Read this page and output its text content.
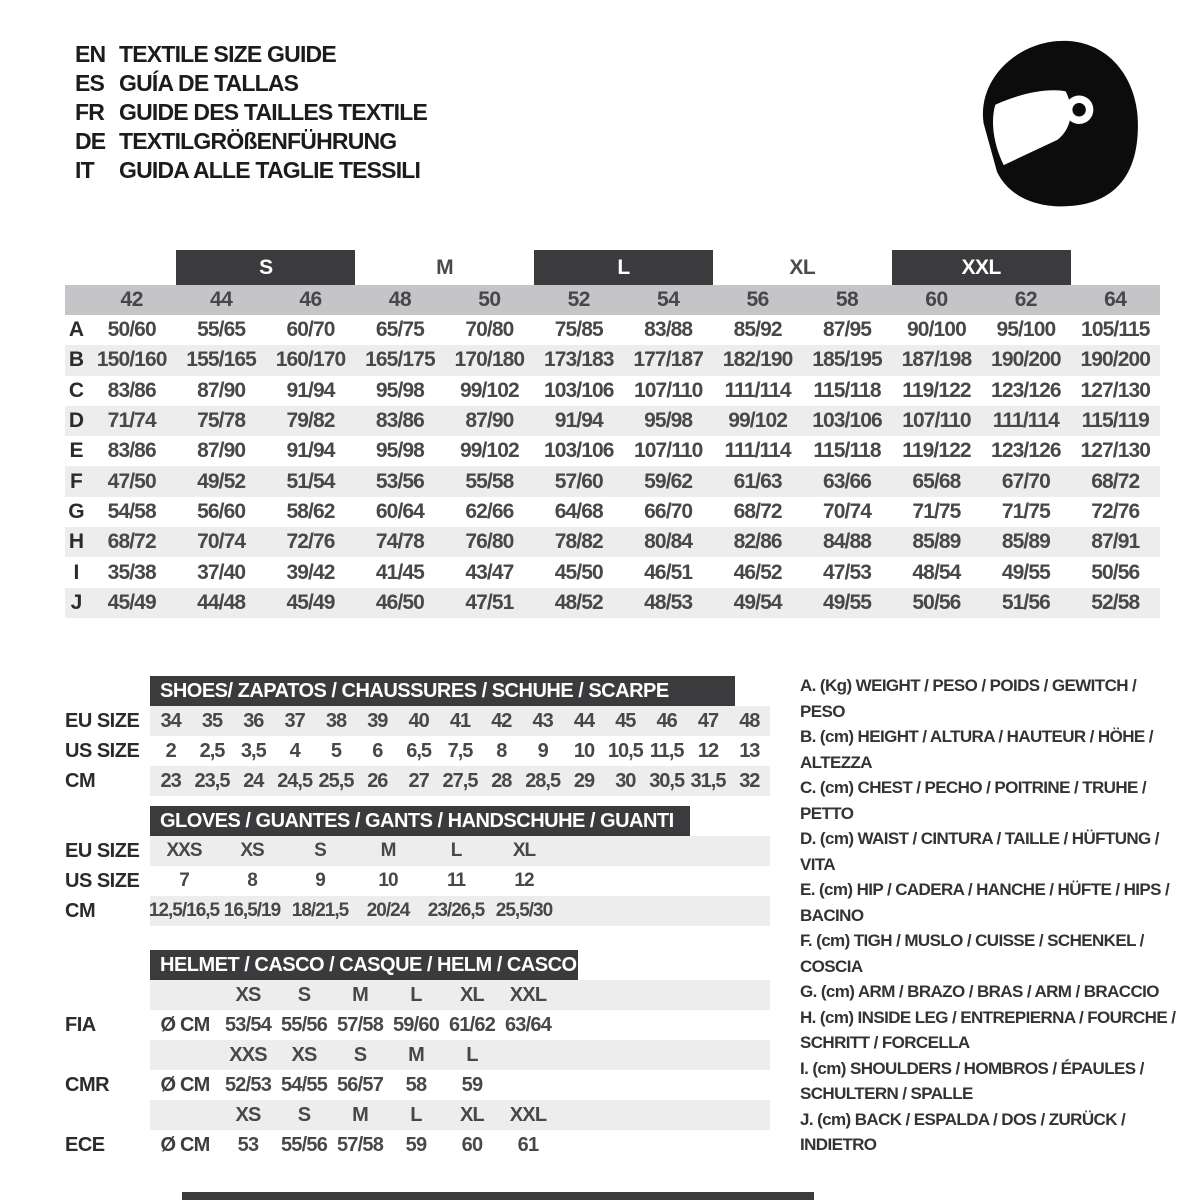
EN TEXTILE SIZE GUIDE
ES GUÍA DE TALLAS
FR GUIDE DES TAILLES TEXTILE
DE TEXTILGRÖßENFÜHRUNG
IT	GUIDA ALLE TAGLIE TESSILI
S	M	L	XL	XXL
42	44	46	48	50	52	54	56	58	60	62	64
A	50/60	55/65	60/70	65/75	70/80	75/85	83/88	85/92	87/95	90/100	95/100	105/115
B 150/160 155/165 160/170 165/175 170/180 173/183 177/187 182/190 185/195 187/198 190/200 190/200
C	83/86	87/90	91/94	95/98	99/102	103/106 107/110	111/114	115/118	119/122 123/126 127/130
D	71/74	75/78	79/82	83/86	87/90	91/94	95/98	99/102	103/106 107/110	111/114	115/119
E	83/86	87/90	91/94	95/98	99/102	103/106 107/110	111/114	115/118	119/122 123/126 127/130
F	47/50	49/52	51/54	53/56	55/58	57/60	59/62	61/63	63/66	65/68	67/70	68/72
G	54/58	56/60	58/62	60/64	62/66	64/68	66/70	68/72	70/74	71/75	71/75	72/76
H	68/72	70/74	72/76	74/78	76/80	78/82	80/84	82/86	84/88	85/89	85/89	87/91
I	35/38	37/40	39/42	41/45	43/47	45/50	46/51	46/52	47/53	48/54	49/55	50/56
J	45/49	44/48	45/49	46/50	47/51	48/52	48/53	49/54	49/55	50/56	51/56	52/58
SHOES/ ZAPATOS / CHAUSSURES / SCHUHE / SCARPE
EU SIZE	34	35	36	37	38	39	40	41	42	43	44	45	46	47	48
US SIZE	2	2,5 3,5	4	5	6	6,5 7,5	8	9	10 10,5 11,5 12	13
CM	23 23,5 24 24,5 25,5 26	27 27,5 28 28,5 29	30 30,5 31,5 32
GLOVES / GUANTES / GANTS / HANDSCHUHE / GUANTI
EU SIZE	XXS	XS	S	M	L	XL
US SIZE	7	8	9	10	11	12
CM	12,5/16,5 16,5/19 18/21,5 20/24 23/26,5 25,5/30
HELMET / CASCO / CASQUE / HELM / CASCO
XS	S	M	L	XL	XXL
FIA	Ø CM 53/54 55/56 57/58 59/60 61/62 63/64
XXS	XS	S	M	L
CMR	Ø CM 52/53 54/55 56/57	58	59
XS	S	M	L	XL	XXL
ECE	Ø CM	53	55/56 57/58	59	60	61
A. (Kg) WEIGHT / PESO / POIDS / GEWITCH / PESO
B. (cm) HEIGHT / ALTURA / HAUTEUR / HÖHE / ALTEZZA
C. (cm) CHEST / PECHO / POITRINE / TRUHE / PETTO
D. (cm) WAIST / CINTURA / TAILLE / HÜFTUNG / VITA
E. (cm) HIP / CADERA / HANCHE / HÜFTE / HIPS / BACINO
F. (cm) TIGH / MUSLO / CUISSE / SCHENKEL / COSCIA
G. (cm) ARM / BRAZO / BRAS / ARM / BRACCIO
H. (cm) INSIDE LEG / ENTREPIERNA / FOURCHE / SCHRITT / FORCELLA
I. (cm) SHOULDERS / HOMBROS / ÉPAULES / SCHULTERN / SPALLE
J. (cm) BACK / ESPALDA / DOS / ZURÜCK / INDIETRO
